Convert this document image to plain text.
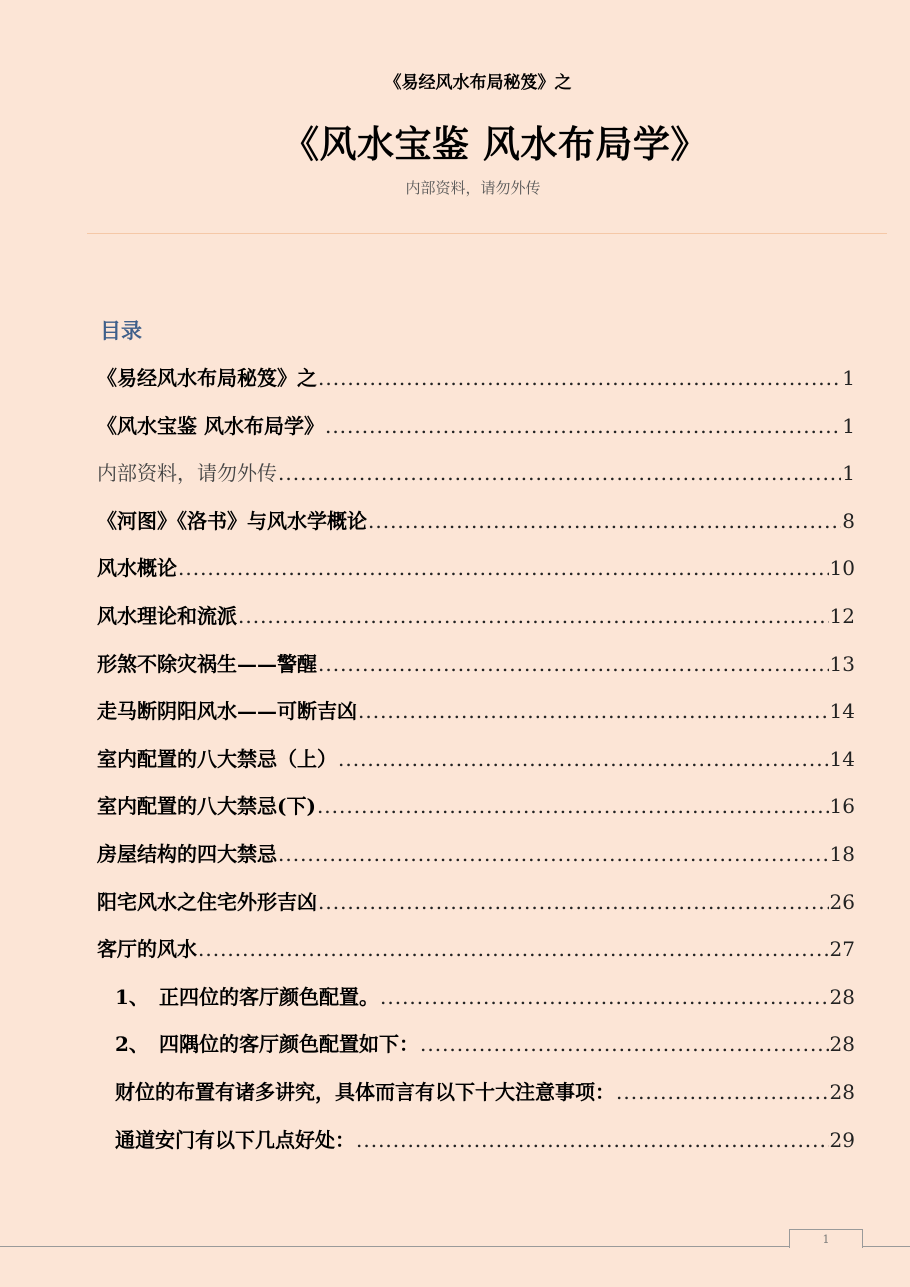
《易经风水布局秘笈》之
《风水宝鉴 风水布局学》
内部资料，请勿外传
目录
《易经风水布局秘笈》之 .....	1
《风水宝鉴 风水布局学》 .....	1
内部资料，请勿外传 .....	1
《河图》《洛书》与风水学概论 .....	8
风水概论 .....	10
风水理论和流派 .....	12
形煞不除灾祸生——警醒 .....	13
走马断阴阳风水——可断吉凶 .....	14
室内配置的八大禁忌（上） .....	14
室内配置的八大禁忌(下) .....	16
房屋结构的四大禁忌 .....	18
阳宅风水之住宅外形吉凶 .....	26
客厅的风水 .....	27
1、 正四位的客厅颜色配置。 .....	28
2、 四隅位的客厅颜色配置如下： .....	28
财位的布置有诸多讲究，具体而言有以下十大注意事项： .....	28
通道安门有以下几点好处： .....	29
1
